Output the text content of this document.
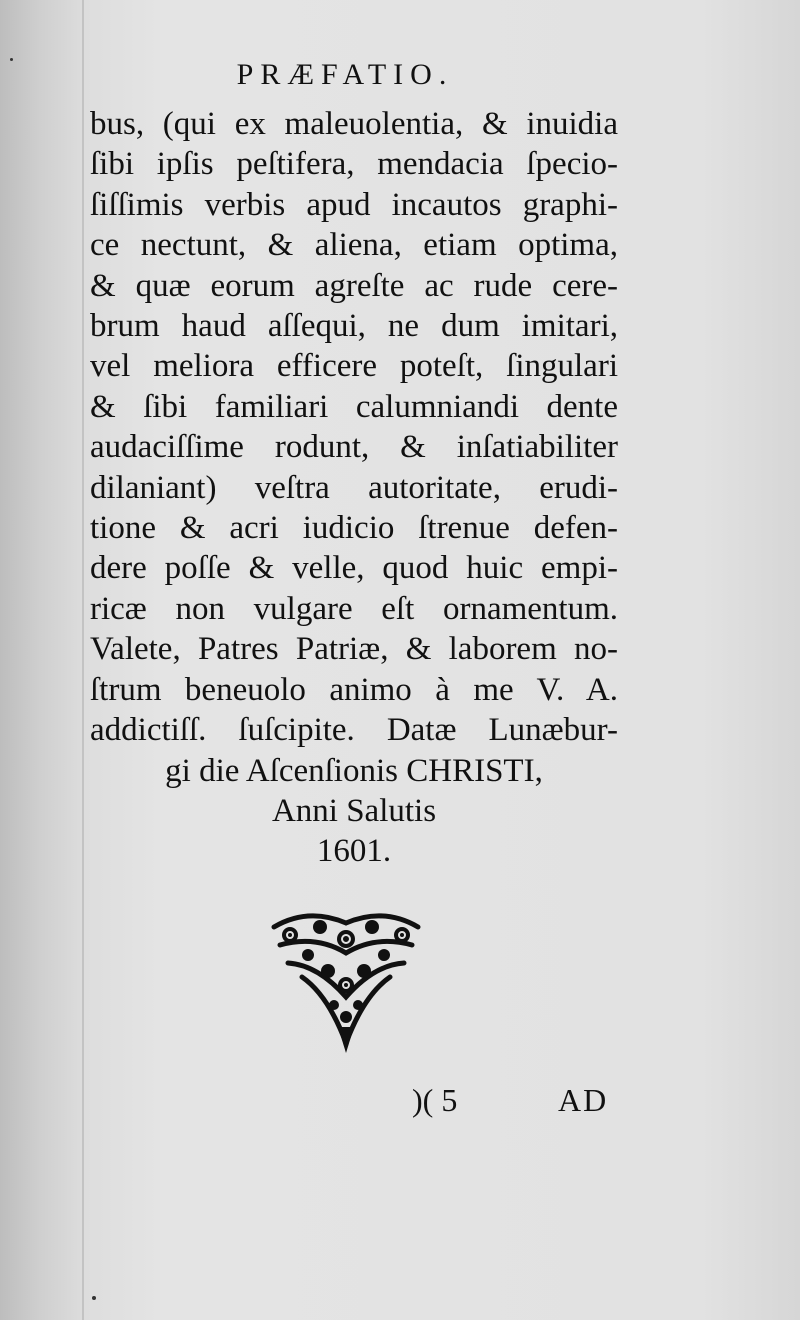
PRÆFATIO.
bus, (qui ex maleuolentia, & inuidia
ſibi ipſis peſtifera, mendacia ſpecio-
ſiſſimis verbis apud incautos graphi-
ce nectunt, & aliena, etiam optima,
& quæ eorum agreſte ac rude cere-
brum haud aſſequi, ne dum imitari,
vel meliora efficere poteſt, ſingulari
& ſibi familiari calumniandi dente
audaciſſime rodunt, & inſatiabiliter
dilaniant) veſtra autoritate, erudi-
tione & acri iudicio ſtrenue defen-
dere poſſe & velle, quod huic empi-
ricæ non vulgare eſt ornamentum.
Valete, Patres Patriæ, & laborem no-
ſtrum beneuolo animo à me V. A.
addictiſſ. ſuſcipite. Datæ Lunæbur-
gi die Aſcenſionis CHRISTI,
Anni Salutis
1601.
)( 5	AD
